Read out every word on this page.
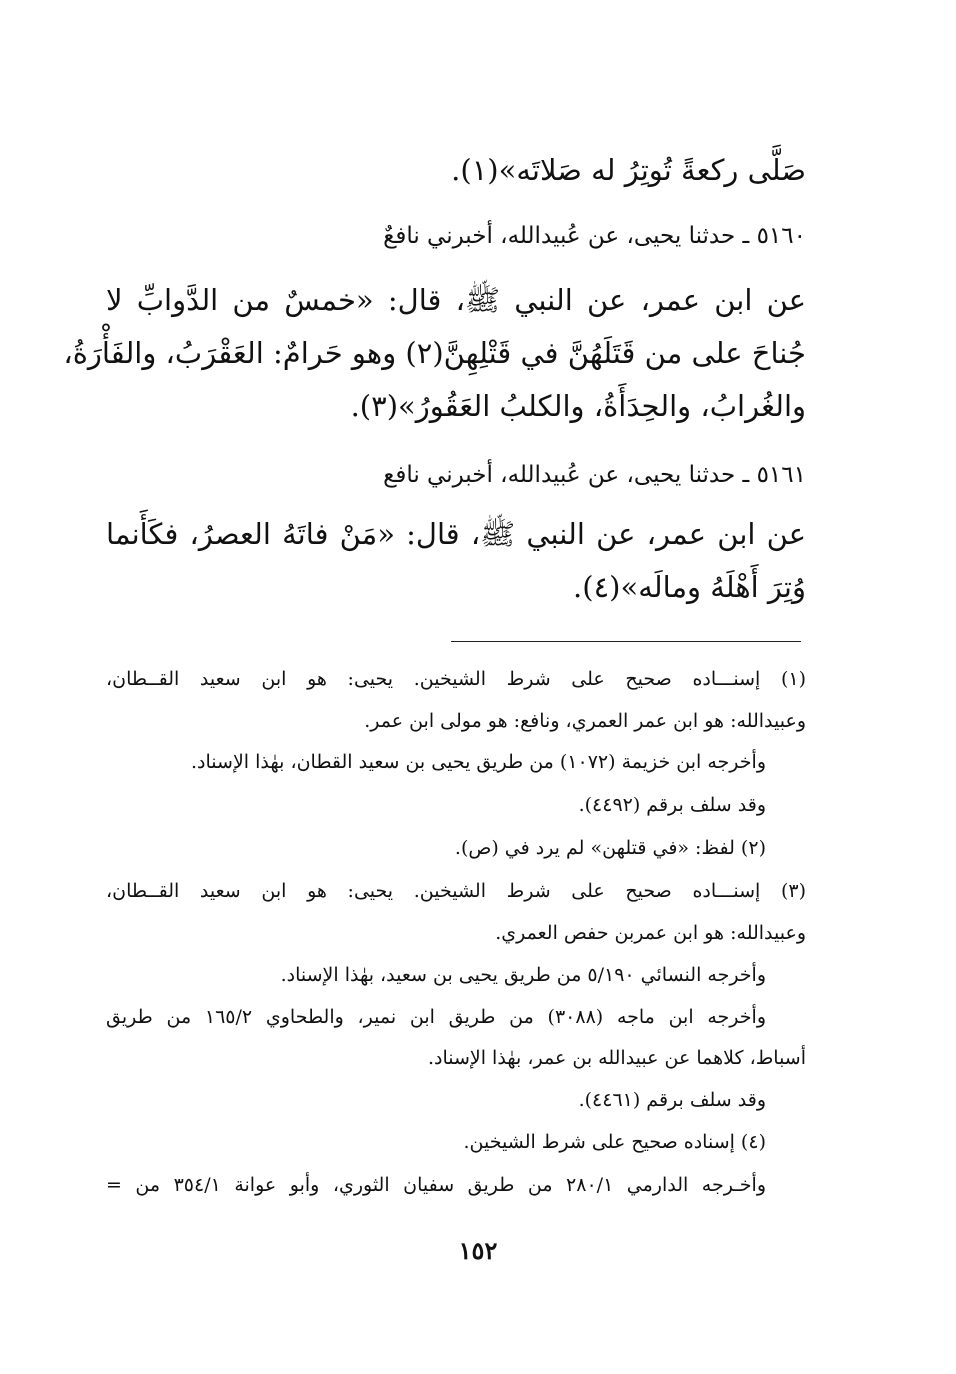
صَلَّى ركعةً تُوتِرُ له صَلاتَه»(١).
٥١٦٠ ـ حدثنا يحيى، عن عُبيدالله، أخبرني نافعٌ
عن ابن عمر، عن النبي ﷺ، قال: «خمسٌ من الدَّوابِّ لا
جُناحَ على من قَتَلَهُنَّ في قَتْلِهِنَّ(٢) وهو حَرامٌ: العَقْرَبُ، والفَأْرَةُ،
والغُرابُ، والحِدَأَةُ، والكلبُ العَقُورُ»(٣).
٥١٦١ ـ حدثنا يحيى، عن عُبيدالله، أخبرني نافع
عن ابن عمر، عن النبي ﷺ، قال: «مَنْ فاتَهُ العصرُ، فكَأَنما
وُتِرَ أَهْلَهُ ومالَه»(٤).
(١) إسنـــاده صحيح على شرط الشيخين. يحيى: هو ابن سعيد القــطان،
وعبيدالله: هو ابن عمر العمري، ونافع: هو مولى ابن عمر.
وأخرجه ابن خزيمة (١٠٧٢) من طريق يحيى بن سعيد القطان، بهٰذا الإسناد.
وقد سلف برقم (٤٤٩٢).
(٢) لفظ: «في قتلهن» لم يرد في (ص).
(٣) إسنـــاده صحيح على شرط الشيخين. يحيى: هو ابن سعيد القــطان،
وعبيدالله: هو ابن عمربن حفص العمري.
وأخرجه النسائي ٥/١٩٠ من طريق يحيى بن سعيد، بهٰذا الإسناد.
وأخرجه ابن ماجه (٣٠٨٨) من طريق ابن نمير، والطحاوي ١٦٥/٢ من طريق
أسباط، كلاهما عن عبيدالله بن عمر، بهٰذا الإسناد.
وقد سلف برقم (٤٤٦١).
(٤) إسناده صحيح على شرط الشيخين.
وأخـرجه الدارمي ٢٨٠/١ من طريق سفيان الثوري، وأبو عوانة ٣٥٤/١ من =
١٥٢
